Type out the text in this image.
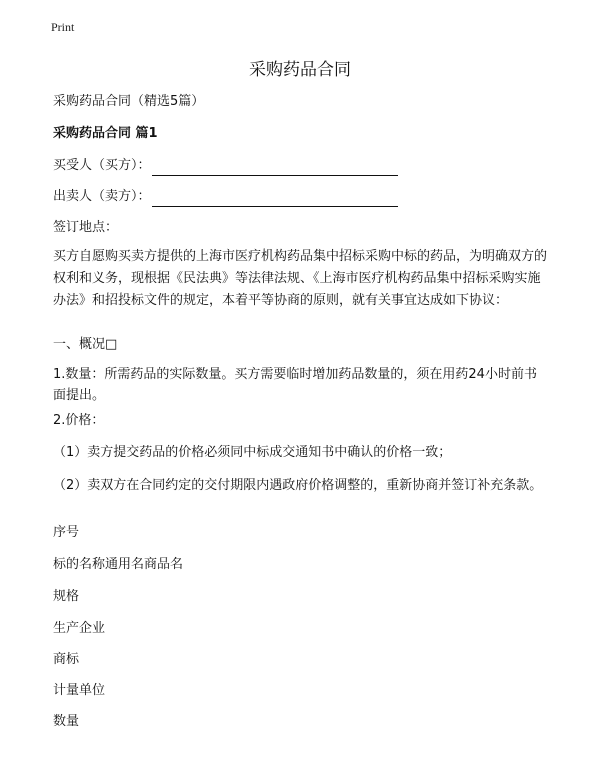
Print
采购药品合同
采购药品合同（精选5篇）
采购药品合同 篇1
买受人（买方）：
出卖人（卖方）：
签订地点：
买方自愿购买卖方提供的上海市医疗机构药品集中招标采购中标的药品，为明确双方的权利和义务，现根据《民法典》等法律法规、《上海市医疗机构药品集中招标采购实施办法》和招投标文件的规定，本着平等协商的原则，就有关事宜达成如下协议：
一、概况□
1.数量：所需药品的实际数量。买方需要临时增加药品数量的，须在用药24小时前书面提出。
2.价格：
（1）卖方提交药品的价格必须同中标成交通知书中确认的价格一致；
（2）卖双方在合同约定的交付期限内遇政府价格调整的，重新协商并签订补充条款。
序号
标的名称通用名商品名
规格
生产企业
商标
计量单位
数量
